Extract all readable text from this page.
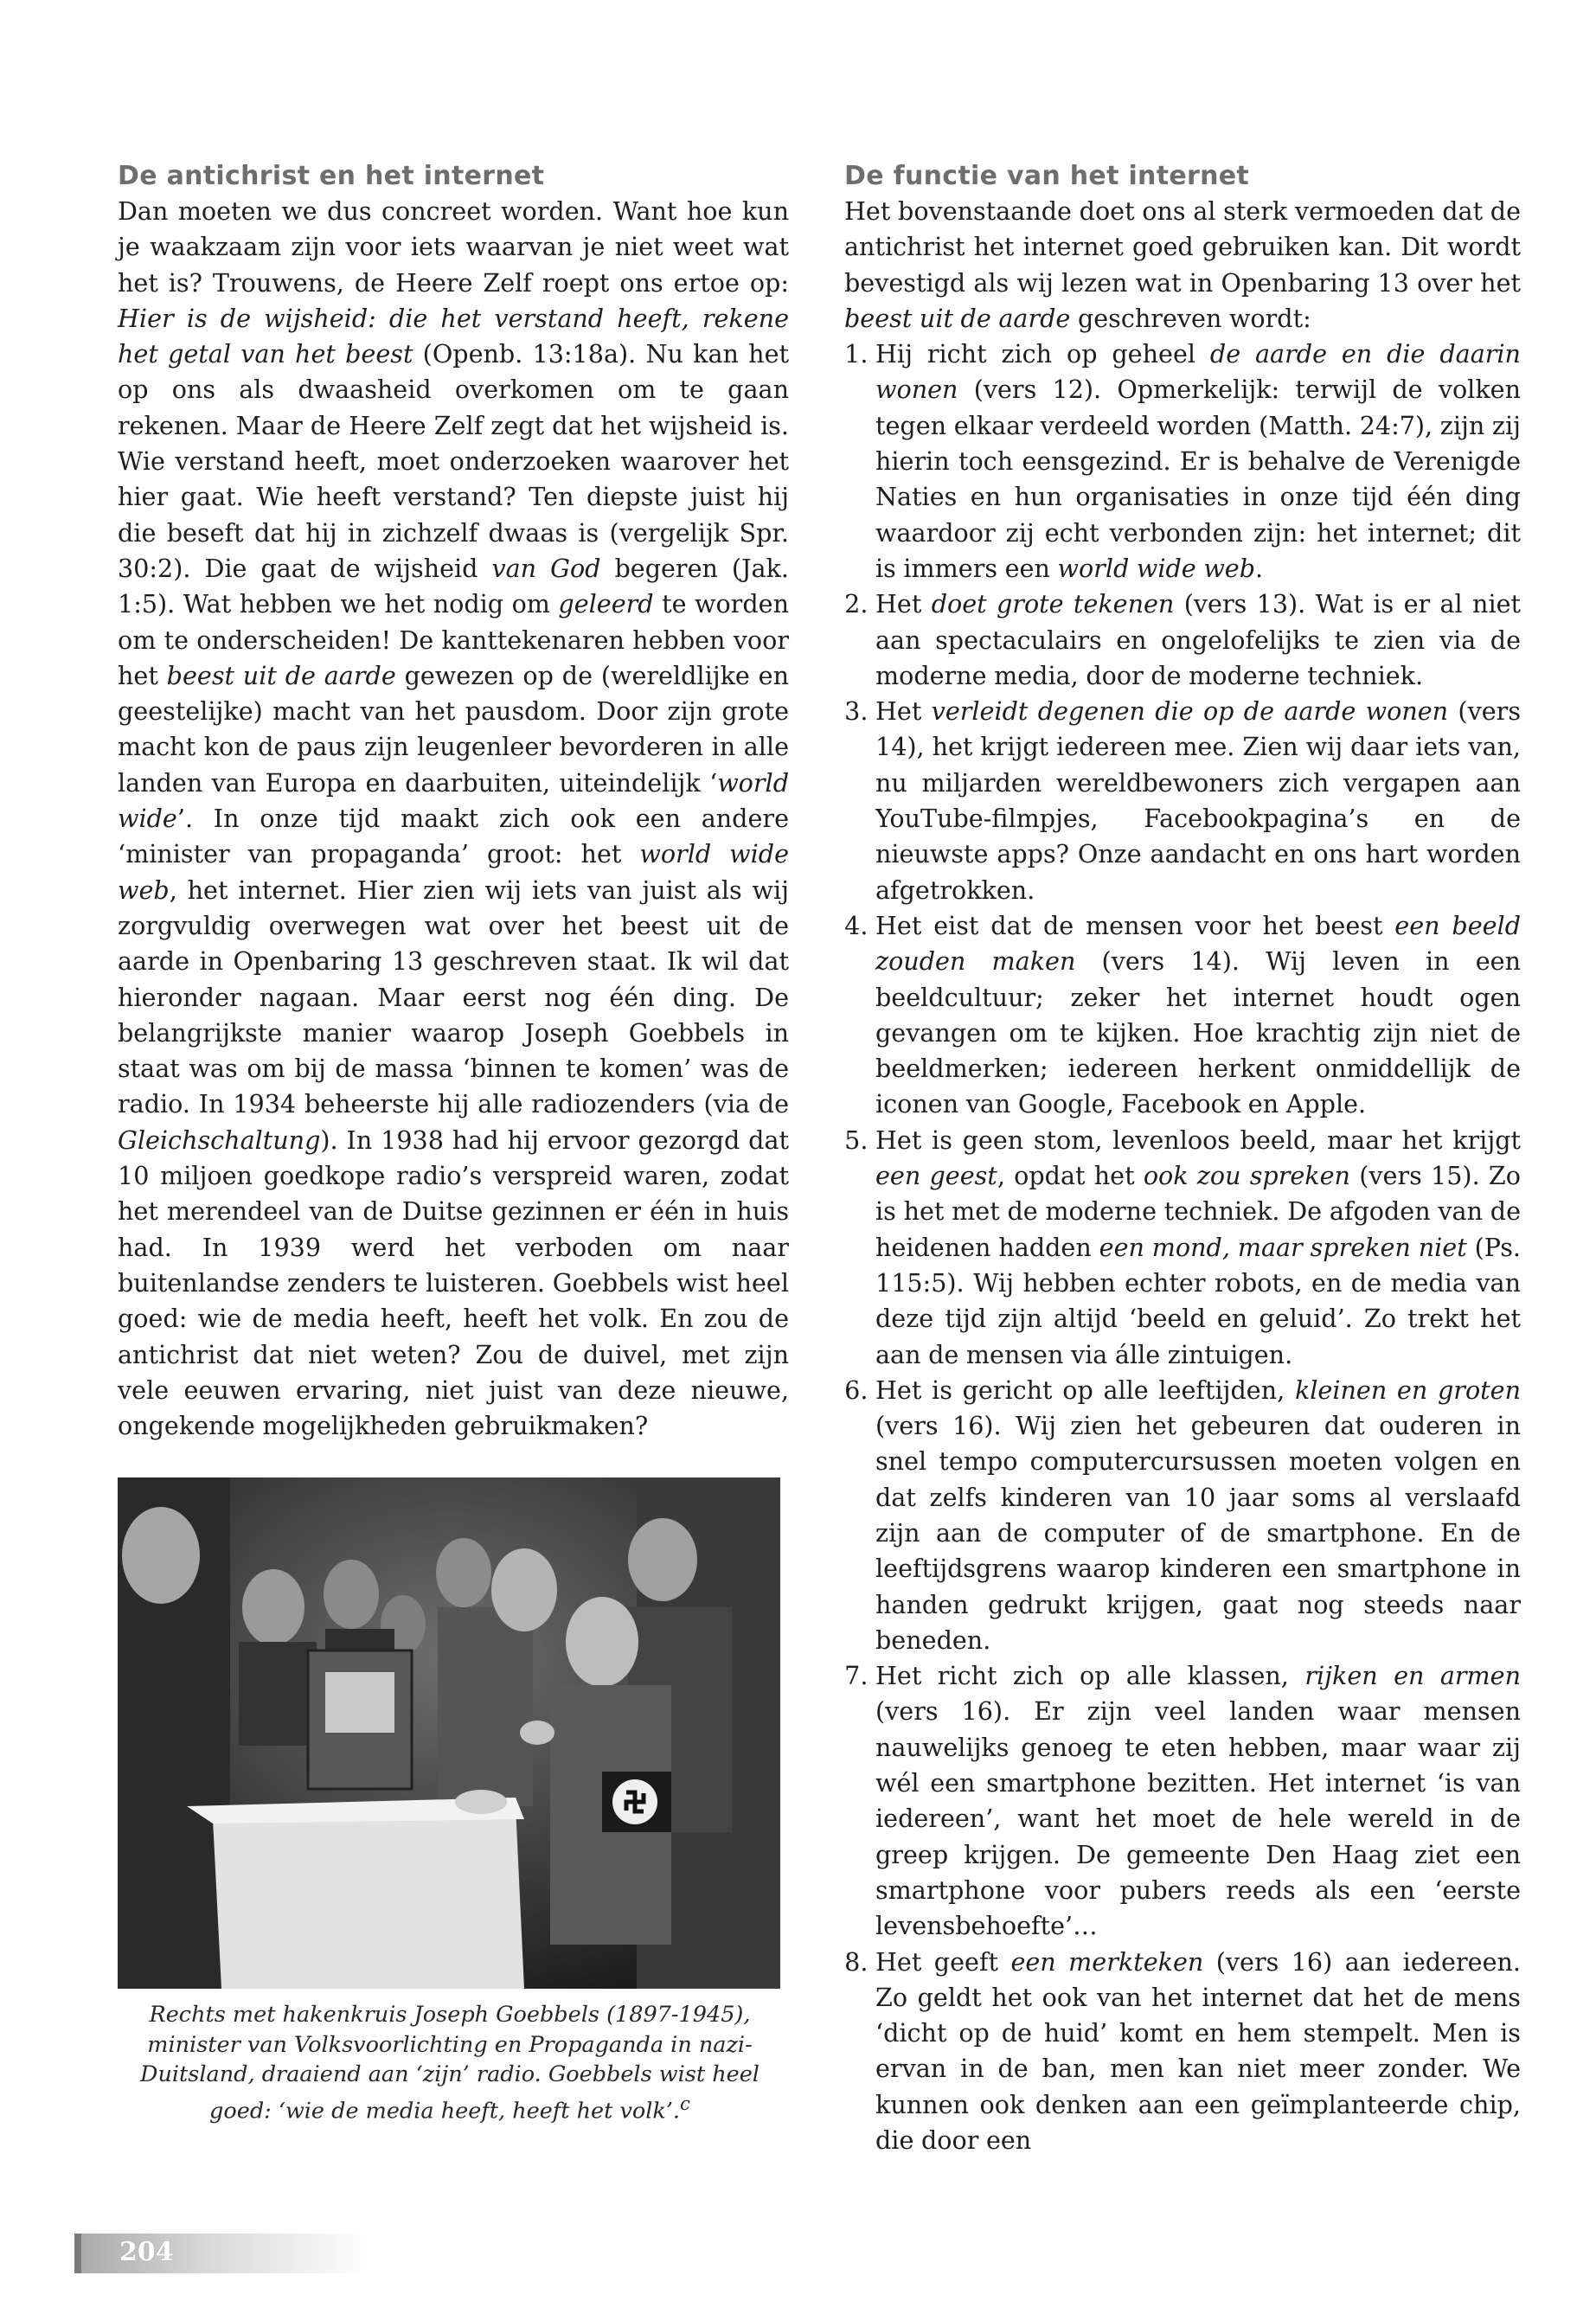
De antichrist en het internet

Dan moeten we dus concreet worden. Want hoe kun je waakzaam zijn voor iets waarvan je niet weet wat het is? Trouwens, de Heere Zelf roept ons ertoe op: Hier is de wijsheid: die het verstand heeft, rekene het getal van het beest (Openb. 13:18a). Nu kan het op ons als dwaasheid overkomen om te gaan rekenen. Maar de Heere Zelf zegt dat het wijsheid is. Wie verstand heeft, moet onderzoeken waarover het hier gaat. Wie heeft verstand? Ten diepste juist hij die beseft dat hij in zichzelf dwaas is (vergelijk Spr. 30:2). Die gaat de wijsheid van God begeren (Jak. 1:5). Wat hebben we het nodig om geleerd te worden om te onderscheiden! De kanttekenaren hebben voor het beest uit de aarde gewezen op de (wereldlijke en geestelijke) macht van het pausdom. Door zijn grote macht kon de paus zijn leugenleer bevorderen in alle landen van Europa en daarbuiten, uiteindelijk ‘world wide’. In onze tijd maakt zich ook een andere ‘minister van propaganda’ groot: het world wide web, het internet. Hier zien wij iets van juist als wij zorgvuldig overwegen wat over het beest uit de aarde in Openbaring 13 geschreven staat. Ik wil dat hieronder nagaan. Maar eerst nog één ding. De belangrijkste manier waarop Joseph Goebbels in staat was om bij de massa ‘binnen te komen’ was de radio. In 1934 beheerste hij alle radiozenders (via de Gleichschaltung). In 1938 had hij ervoor gezorgd dat 10 miljoen goedkope radio’s verspreid waren, zodat het merendeel van de Duitse gezinnen er één in huis had. In 1939 werd het verboden om naar buitenlandse zenders te luisteren. Goebbels wist heel goed: wie de media heeft, heeft het volk. En zou de antichrist dat niet weten? Zou de duivel, met zijn vele eeuwen ervaring, niet juist van deze nieuwe, ongekende mogelijkheden gebruikmaken?

Rechts met hakenkruis Joseph Goebbels (1897-1945), minister van Volksvoorlichting en Propaganda in nazi-Duitsland, draaiend aan ‘zijn’ radio. Goebbels wist heel goed: ‘wie de media heeft, heeft het volk’.$^c$

De functie van het internet

Het bovenstaande doet ons al sterk vermoeden dat de antichrist het internet goed gebruiken kan. Dit wordt bevestigd als wij lezen wat in Openbaring 13 over het beest uit de aarde geschreven wordt:

1. Hij richt zich op geheel de aarde en die daarin wonen (vers 12). Opmerkelijk: terwijl de volken tegen elkaar verdeeld worden (Matth. 24:7), zijn zij hierin toch eensgezind. Er is behalve de Verenigde Naties en hun organisaties in onze tijd één ding waardoor zij echt verbonden zijn: het internet; dit is immers een world wide web.
2. Het doet grote tekenen (vers 13). Wat is er al niet aan spectaculairs en ongelofelijks te zien via de moderne media, door de moderne techniek.
3. Het verleidt degenen die op de aarde wonen (vers 14), het krijgt iedereen mee. Zien wij daar iets van, nu miljarden wereldbewoners zich vergapen aan YouTube-filmpjes, Facebookpagina’s en de nieuwste apps? Onze aandacht en ons hart worden afgetrokken.
4. Het eist dat de mensen voor het beest een beeld zouden maken (vers 14). Wij leven in een beeldcultuur; zeker het internet houdt ogen gevangen om te kijken. Hoe krachtig zijn niet de beeldmerken; iedereen herkent onmiddellijk de iconen van Google, Facebook en Apple.
5. Het is geen stom, levenloos beeld, maar het krijgt een geest, opdat het ook zou spreken (vers 15). Zo is het met de moderne techniek. De afgoden van de heidenen hadden een mond, maar spreken niet (Ps. 115:5). Wij hebben echter robots, en de media van deze tijd zijn altijd ‘beeld en geluid’. Zo trekt het aan de mensen via álle zintuigen.
6. Het is gericht op alle leeftijden, kleinen en groten (vers 16). Wij zien het gebeuren dat ouderen in snel tempo computercursussen moeten volgen en dat zelfs kinderen van 10 jaar soms al verslaafd zijn aan de computer of de smartphone. En de leeftijdsgrens waarop kinderen een smartphone in handen gedrukt krijgen, gaat nog steeds naar beneden.
7. Het richt zich op alle klassen, rijken en armen (vers 16). Er zijn veel landen waar mensen nauwelijks genoeg te eten hebben, maar waar zij wél een smartphone bezitten. Het internet ‘is van iedereen’, want het moet de hele wereld in de greep krijgen. De gemeente Den Haag ziet een smartphone voor pubers reeds als een ‘eerste levensbehoefte’…
8. Het geeft een merkteken (vers 16) aan iedereen. Zo geldt het ook van het internet dat het de mens ‘dicht op de huid’ komt en hem stempelt. Men is ervan in de ban, men kan niet meer zonder. We kunnen ook denken aan een geïmplanteerde chip, die door een
204
